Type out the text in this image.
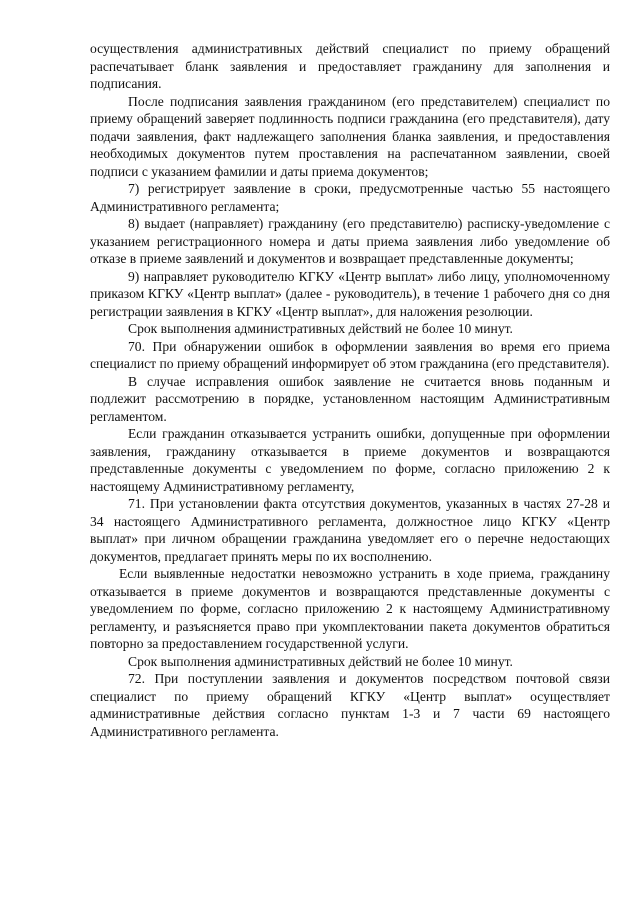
осуществления административных действий специалист по приему обращений распечатывает бланк заявления и предоставляет гражданину для заполнения и подписания.

После подписания заявления гражданином (его представителем) специалист по приему обращений заверяет подлинность подписи гражданина (его представителя), дату подачи заявления, факт надлежащего заполнения бланка заявления, и предоставления необходимых документов путем проставления на распечатанном заявлении, своей подписи с указанием фамилии и даты приема документов;

7) регистрирует заявление в сроки, предусмотренные частью 55 настоящего Административного регламента;

8) выдает (направляет) гражданину (его представителю) расписку-уведомление с указанием регистрационного номера и даты приема заявления либо уведомление об отказе в приеме заявлений и документов и возвращает представленные документы;

9) направляет руководителю КГКУ «Центр выплат» либо лицу, уполномоченному приказом КГКУ «Центр выплат» (далее - руководитель), в течение 1 рабочего дня со дня регистрации заявления в КГКУ «Центр выплат», для наложения резолюции.

Срок выполнения административных действий не более 10 минут.

70. При обнаружении ошибок в оформлении заявления во время его приема специалист по приему обращений информирует об этом гражданина (его представителя).

В случае исправления ошибок заявление не считается вновь поданным и подлежит рассмотрению в порядке, установленном настоящим Административным регламентом.

Если гражданин отказывается устранить ошибки, допущенные при оформлении заявления, гражданину отказывается в приеме документов и возвращаются представленные документы с уведомлением по форме, согласно приложению 2 к настоящему Административному регламенту,

71. При установлении факта отсутствия документов, указанных в частях 27-28 и 34 настоящего Административного регламента, должностное лицо КГКУ «Центр выплат» при личном обращении гражданина уведомляет его о перечне недостающих документов, предлагает принять меры по их восполнению.

Если выявленные недостатки невозможно устранить в ходе приема, гражданину отказывается в приеме документов и возвращаются представленные документы с уведомлением по форме, согласно приложению 2 к настоящему Административному регламенту, и разъясняется право при укомплектовании пакета документов обратиться повторно за предоставлением государственной услуги.

Срок выполнения административных действий не более 10 минут.

72. При поступлении заявления и документов посредством почтовой связи специалист по приему обращений КГКУ «Центр выплат» осуществляет административные действия согласно пунктам 1-3 и 7 части 69 настоящего Административного регламента.
